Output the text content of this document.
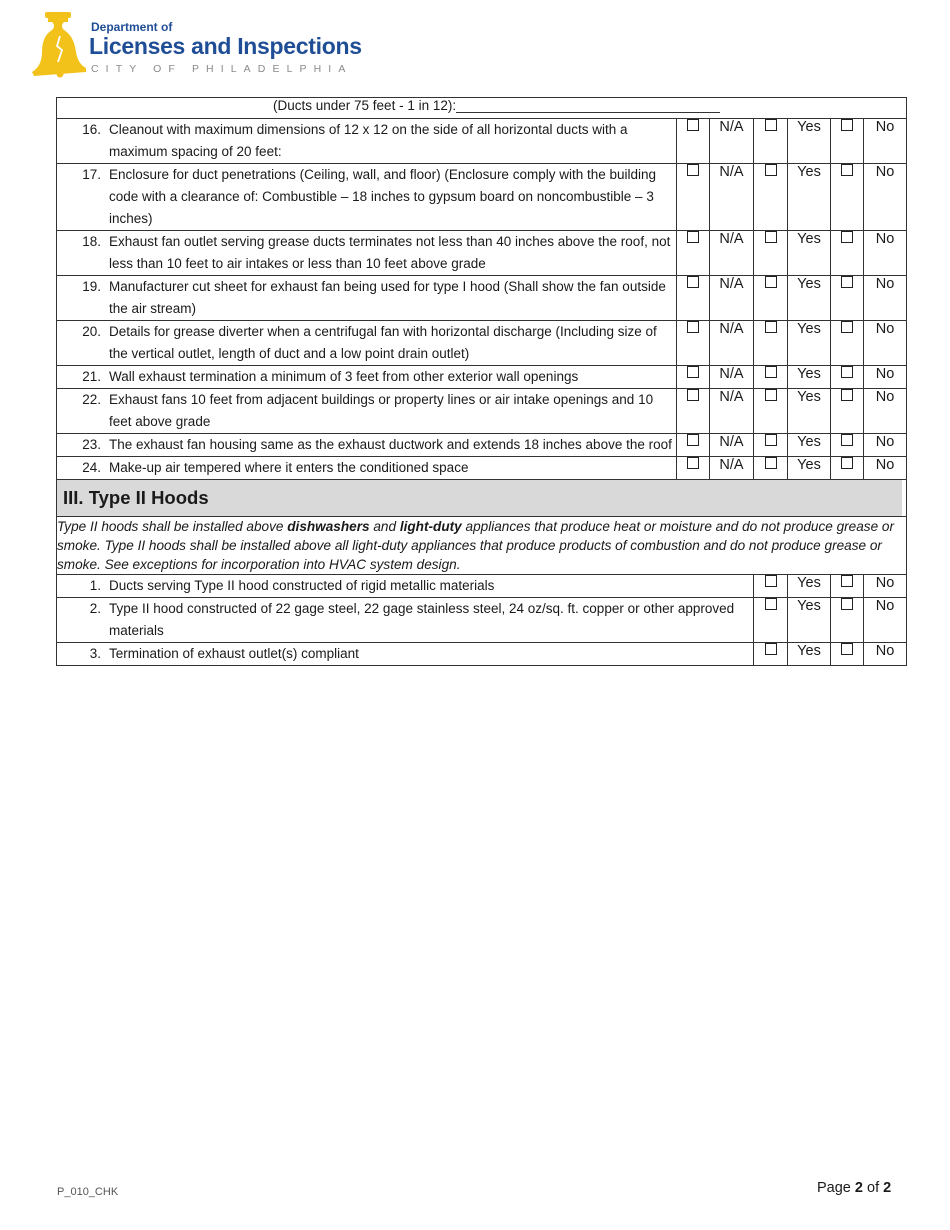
Department of
Licenses and Inspections
CITY OF PHILADELPHIA
(Ducts under 75 feet - 1 in 12):						

16. Cleanout with maximum dimensions of 12 x 12 on the side of all horizontal ducts with a maximum spacing of 20 feet:		N/A		Yes		No

17. Enclosure for duct penetrations (Ceiling, wall, and floor) (Enclosure comply with the building code with a clearance of: Combustible – 18 inches to gypsum board on noncombustible – 3 inches)		N/A		Yes		No

18. Exhaust fan outlet serving grease ducts terminates not less than 40 inches above the roof, not less than 10 feet to air intakes or less than 10 feet above grade		N/A		Yes		No

19. Manufacturer cut sheet for exhaust fan being used for type I hood (Shall show the fan outside the air stream)		N/A		Yes		No

20. Details for grease diverter when a centrifugal fan with horizontal discharge (Including size of the vertical outlet, length of duct and a low point drain outlet)		N/A		Yes		No

21. Wall exhaust termination a minimum of 3 feet from other exterior wall openings		N/A		Yes		No

22. Exhaust fans 10 feet from adjacent buildings or property lines or air intake openings and 10 feet above grade		N/A		Yes		No

23. The exhaust fan housing same as the exhaust ductwork and extends 18 inches above the roof		N/A		Yes		No

24. Make-up air tempered where it enters the conditioned space		N/A		Yes		No

III. Type II Hoods						

Type II hoods shall be installed above dishwashers and light-duty appliances that produce heat or moisture and do not produce grease or smoke. Type II hoods shall be installed above all light-duty appliances that produce products of combustion and do not produce grease or smoke. See exceptions for incorporation into HVAC system design.						

1. Ducts serving Type II hood constructed of rigid metallic materials				Yes		No

2. Type II hood constructed of 22 gage steel, 22 gage stainless steel, 24 oz/sq. ft. copper or other approved materials				Yes		No

3. Termination of exhaust outlet(s) compliant				Yes		No
P_010_CHK	Page 2 of 2
